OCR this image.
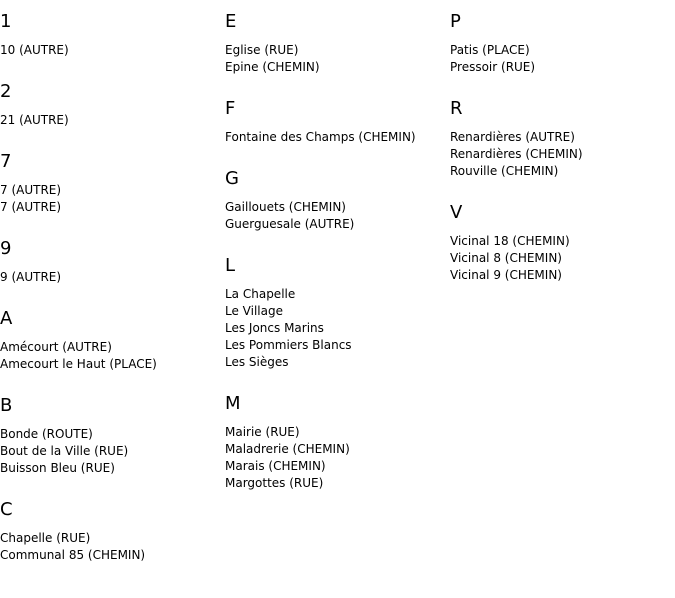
1
10 (AUTRE)
2
21 (AUTRE)
7
7 (AUTRE)
7 (AUTRE)
9
9 (AUTRE)
A
Amécourt (AUTRE)
Amecourt le Haut (PLACE)
B
Bonde (ROUTE)
Bout de la Ville (RUE)
Buisson Bleu (RUE)
C
Chapelle (RUE)
Communal 85 (CHEMIN)
E
Eglise (RUE)
Epine (CHEMIN)
F
Fontaine des Champs (CHEMIN)
G
Gaillouets (CHEMIN)
Guerguesale (AUTRE)
L
La Chapelle
Le Village
Les Joncs Marins
Les Pommiers Blancs
Les Sièges
M
Mairie (RUE)
Maladrerie (CHEMIN)
Marais (CHEMIN)
Margottes (RUE)
P
Patis (PLACE)
Pressoir (RUE)
R
Renardières (AUTRE)
Renardières (CHEMIN)
Rouville (CHEMIN)
V
Vicinal 18 (CHEMIN)
Vicinal 8 (CHEMIN)
Vicinal 9 (CHEMIN)
